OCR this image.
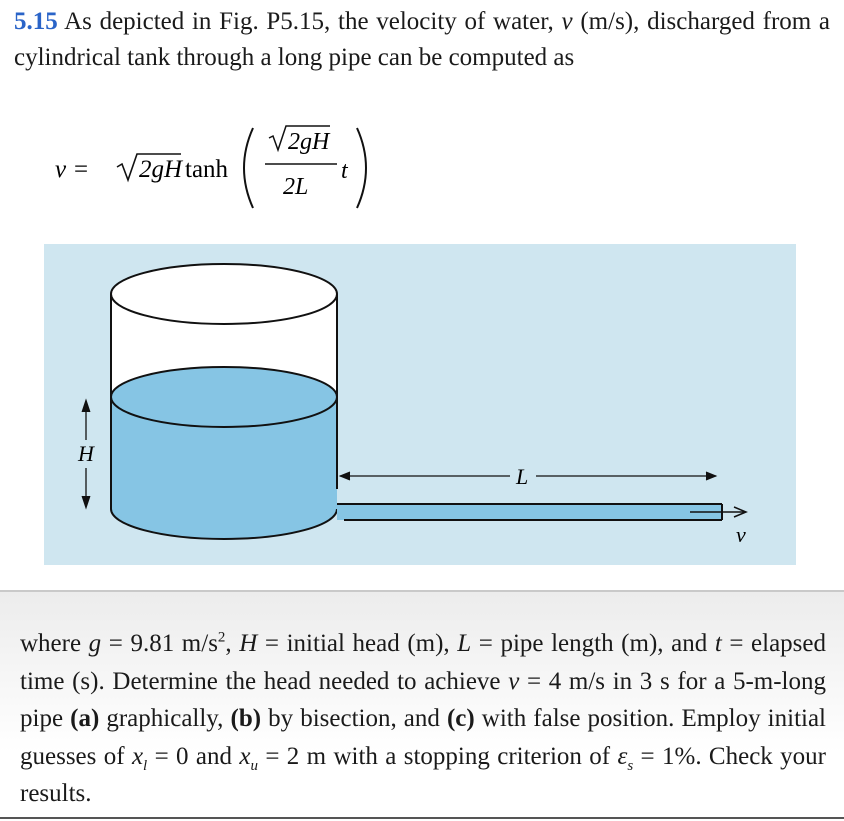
5.15 As depicted in Fig. P5.15, the velocity of water, v (m/s), discharged from a cylindrical tank through a long pipe can be computed as
v = 2gH tanh
2gH
2L
t
v
L
H
where g = 9.81 $m/s^2$, H = initial head (m), L = pipe length (m), and t = elapsed time (s). Determine the head needed to achieve v = 4 m/s in 3 s for a 5-m-long pipe (a) graphically, (b) by bisection, and (c) with false position. Employ initial guesses of $x_l = 0$ and $x_u = 2$ m with a stopping criterion of $\varepsilon_s = 1\%$. Check your results.
